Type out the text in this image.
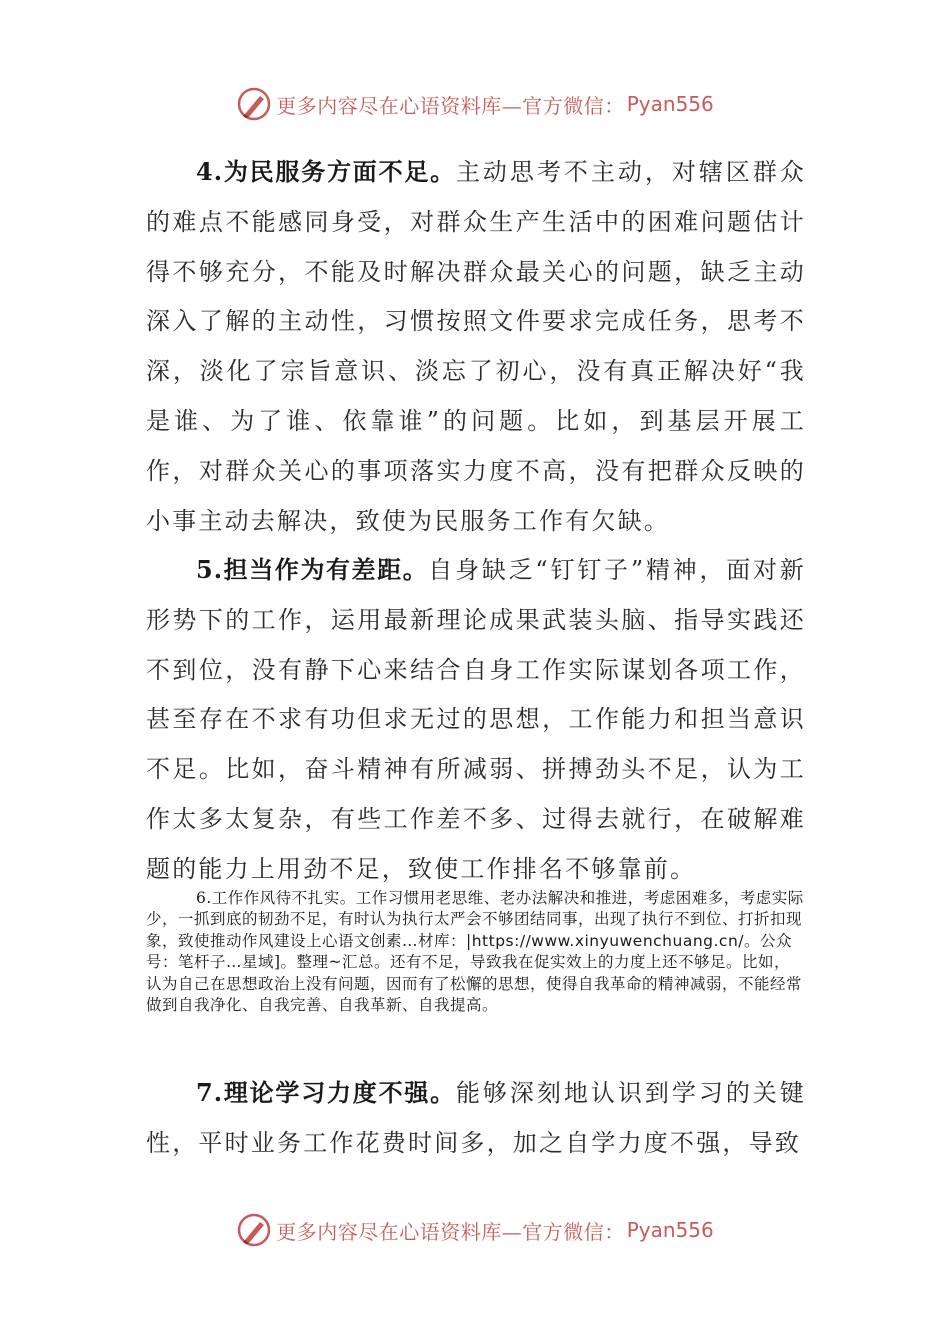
更多内容尽在心语资料库—官方微信： Pyan556

4.为民服务方面不足。主动思考不主动，对辖区群众的难点不能感同身受，对群众生产生活中的困难问题估计得不够充分，不能及时解决群众最关心的问题，缺乏主动深入了解的主动性，习惯按照文件要求完成任务，思考不深，淡化了宗旨意识、淡忘了初心，没有真正解决好“我是谁、为了谁、依靠谁”的问题。比如，到基层开展工作，对群众关心的事项落实力度不高，没有把群众反映的小事主动去解决，致使为民服务工作有欠缺。

5.担当作为有差距。自身缺乏“钉钉子”精神，面对新形势下的工作，运用最新理论成果武装头脑、指导实践还不到位，没有静下心来结合自身工作实际谋划各项工作，甚至存在不求有功但求无过的思想，工作能力和担当意识不足。比如，奋斗精神有所减弱、拼搏劲头不足，认为工作太多太复杂，有些工作差不多、过得去就行，在破解难题的能力上用劲不足，致使工作排名不够靠前。

6.工作作风待不扎实。工作习惯用老思维、老办法解决和推进，考虑困难多，考虑实际少，一抓到底的韧劲不足，有时认为执行太严会不够团结同事，出现了执行不到位、打折扣现象，致使推动作风建设上心语文创素…材库：|https://www.xinyuwenchuang.cn/。公众号：笔杆子…星域]。整理~汇总。还有不足，导致我在促实效上的力度上还不够足。比如，认为自己在思想政治上没有问题，因而有了松懈的思想，使得自我革命的精神减弱，不能经常做到自我净化、自我完善、自我革新、自我提高。

7.理论学习力度不强。能够深刻地认识到学习的关键性，平时业务工作花费时间多，加之自学力度不强，导致

更多内容尽在心语资料库—官方微信： Pyan556
